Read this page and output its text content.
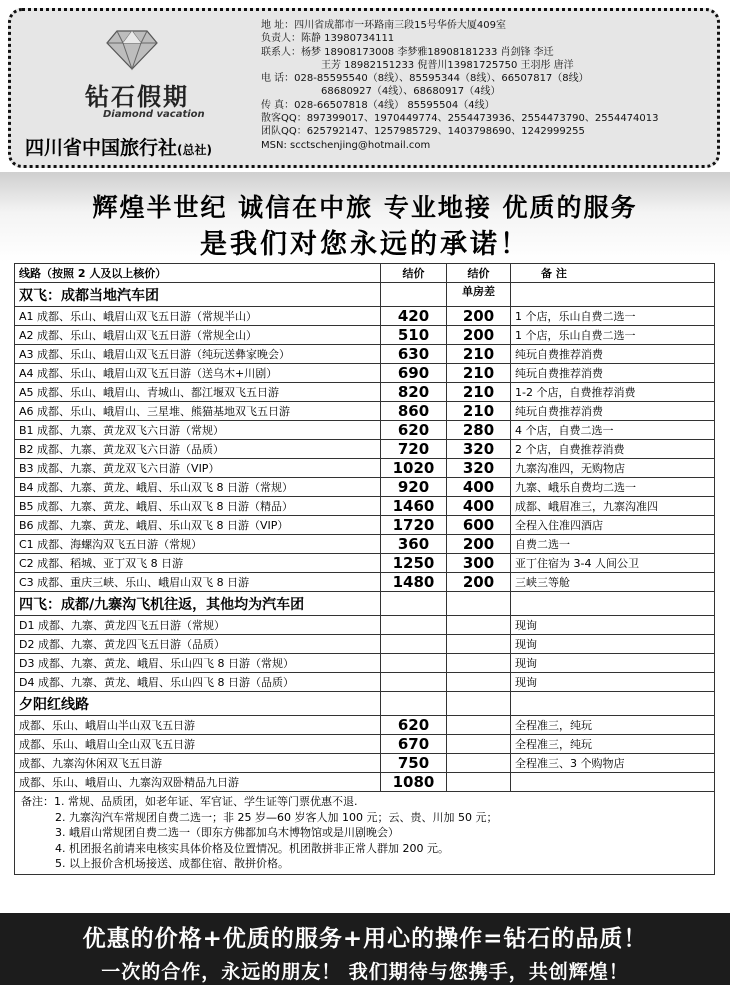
钻石假期
Diamond vacation
四川省中国旅行社(总社)
地 址：四川省成都市一环路南三段15号华侨大厦409室
负责人：陈静 13980734111
联系人：杨梦 18908173008 李梦雅18908181233 肖剑锋 李迁
王芳 18982151233 倪普川13981725750 王羽彤 唐洋
电 话：028-85595540（8线）、85595344（8线）、66507817（8线）
68680927（4线）、68680917（4线）
传 真：028-66507818（4线） 85595504（4线）
散客QQ：897399017、1970449774、2554473936、2554473790、2554474013
团队QQ：625792147、1257985729、1403798690、1242999255
MSN: scctschenjing@hotmail.com
辉煌半世纪 诚信在中旅 专业地接 优质的服务
是我们对您永远的承诺！
线路（按照 2 人及以上核价）	结价	结价	备 注
双飞：成都当地汽车团		单房差	
A1 成都、乐山、峨眉山双飞五日游（常规半山）	420	200	1 个店，乐山自费二选一
A2 成都、乐山、峨眉山双飞五日游（常规全山）	510	200	1 个店，乐山自费二选一
A3 成都、乐山、峨眉山双飞五日游（纯玩送彝家晚会）	630	210	纯玩自费推荐消费
A4 成都、乐山、峨眉山双飞五日游（送乌木+川剧）	690	210	纯玩自费推荐消费
A5 成都、乐山、峨眉山、青城山、都江堰双飞五日游	820	210	1-2 个店，自费推荐消费
A6 成都、乐山、峨眉山、三星堆、熊猫基地双飞五日游	860	210	纯玩自费推荐消费
B1 成都、九寨、黄龙双飞六日游（常规）	620	280	4 个店，自费二选一
B2 成都、九寨、黄龙双飞六日游（品质）	720	320	2 个店，自费推荐消费
B3 成都、九寨、黄龙双飞六日游（VIP）	1020	320	九寨沟准四，无购物店
B4 成都、九寨、黄龙、峨眉、乐山双飞 8 日游（常规）	920	400	九寨、峨乐自费均二选一
B5 成都、九寨、黄龙、峨眉、乐山双飞 8 日游（精品）	1460	400	成都、峨眉准三，九寨沟准四
B6 成都、九寨、黄龙、峨眉、乐山双飞 8 日游（VIP）	1720	600	全程入住准四酒店
C1 成都、海螺沟双飞五日游（常规）	360	200	自费二选一
C2 成都、稻城、亚丁双飞 8 日游	1250	300	亚丁住宿为 3-4 人间公卫
C3 成都、重庆三峡、乐山、峨眉山双飞 8 日游	1480	200	三峡三等舱
四飞：成都/九寨沟飞机往返，其他均为汽车团			
D1 成都、九寨、黄龙四飞五日游（常规）			现询
D2 成都、九寨、黄龙四飞五日游（品质）			现询
D3 成都、九寨、黄龙、峨眉、乐山四飞 8 日游（常规）			现询
D4 成都、九寨、黄龙、峨眉、乐山四飞 8 日游（品质）			现询
夕阳红线路			
成都、乐山、峨眉山半山双飞五日游	620		全程准三，纯玩
成都、乐山、峨眉山全山双飞五日游	670		全程准三，纯玩
成都、九寨沟休闲双飞五日游	750		全程准三、3 个购物店
成都、乐山、峨眉山、九寨沟双卧精品九日游	1080		

备注：1. 常规、品质团，如老年证、军官证、学生证等门票优惠不退.
2. 九寨沟汽车常规团自费二选一；非 25 岁—60 岁客人加 100 元；云、贵、川加 50 元；
3. 峨眉山常规团自费二选一（即东方佛都加乌木博物馆或是川剧晚会）
4. 机团报名前请来电核实具体价格及位置情况。机团散拼非正常人群加 200 元。
5. 以上报价含机场接送、成都住宿、散拼价格。			
优惠的价格+优质的服务+用心的操作=钻石的品质！
一次的合作，永远的朋友！ 我们期待与您携手，共创辉煌！
